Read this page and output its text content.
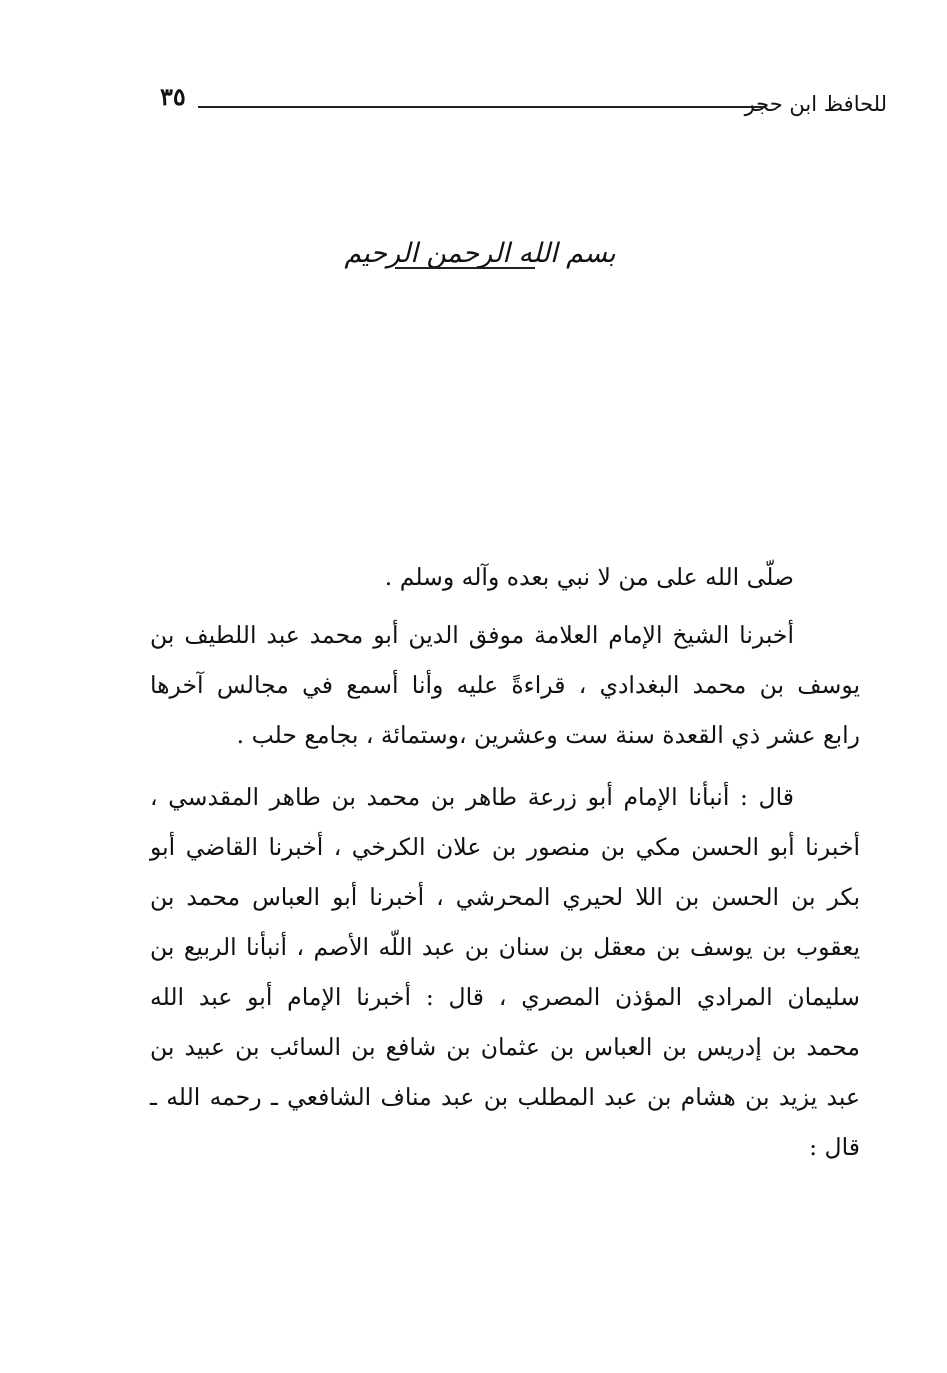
للحافظ ابن حجر
٣٥
بسم الله الرحمن الرحيم
صلّى الله على من لا نبي بعده وآله وسلم .
أخبرنا الشيخ الإمام العلامة موفق الدين أبو محمد عبد اللطيف بن
يوسف بن محمد البغدادي ، قراءةً عليه وأنا أسمع في مجالس آخرها
رابع عشر ذي القعدة سنة ست وعشرين ،وستمائة ، بجامع حلب .
قال : أنبأنا الإمام أبو زرعة طاهر بن محمد بن طاهر المقدسي ،
أخبرنا أبو الحسن مكي بن منصور بن علان الكرخي ، أخبرنا القاضي أبو
بكر بن الحسن بن اللا لحيري المحرشي ، أخبرنا أبو العباس محمد بن
يعقوب بن يوسف بن معقل بن سنان بن عبد اللّه الأصم ، أنبأنا الربيع بن
سليمان المرادي المؤذن المصري ، قال : أخبرنا الإمام أبو عبد الله
محمد بن إدريس بن العباس بن عثمان بن شافع بن السائب بن عبيد بن
عبد يزيد بن هشام بن عبد المطلب بن عبد مناف الشافعي ـ رحمه الله ـ
قال :
